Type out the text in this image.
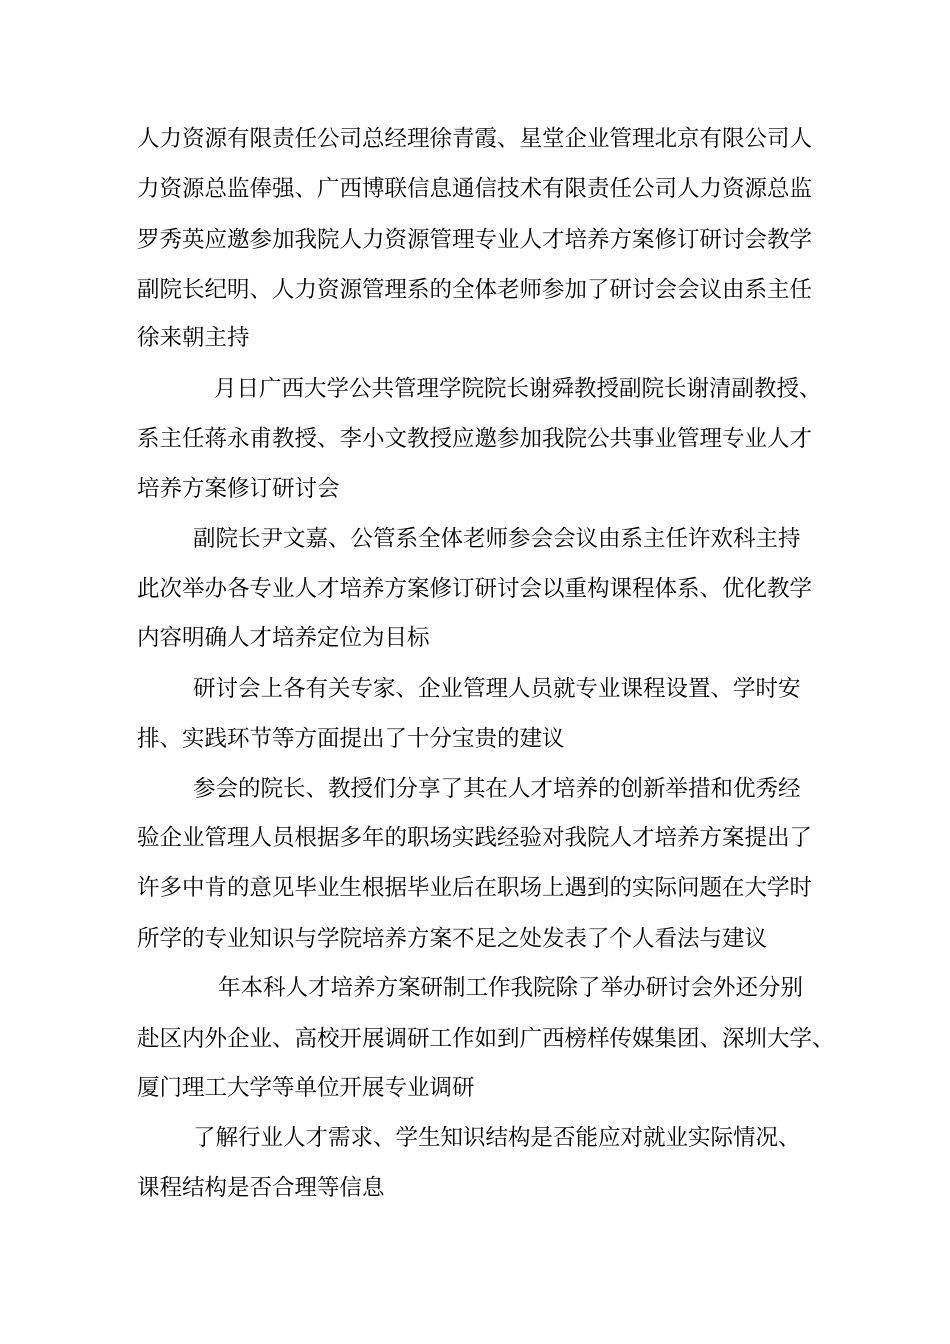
人力资源有限责任公司总经理徐青霞、星堂企业管理北京有限公司人

力资源总监俸强、广西博联信息通信技术有限责任公司人力资源总监

罗秀英应邀参加我院人力资源管理专业人才培养方案修订研讨会教学

副院长纪明、人力资源管理系的全体老师参加了研讨会会议由系主任

徐来朝主持

月日广西大学公共管理学院院长谢舜教授副院长谢清副教授、

系主任蒋永甫教授、李小文教授应邀参加我院公共事业管理专业人才

培养方案修订研讨会

副院长尹文嘉、公管系全体老师参会会议由系主任许欢科主持

此次举办各专业人才培养方案修订研讨会以重构课程体系、优化教学

内容明确人才培养定位为目标

研讨会上各有关专家、企业管理人员就专业课程设置、学时安

排、实践环节等方面提出了十分宝贵的建议

参会的院长、教授们分享了其在人才培养的创新举措和优秀经

验企业管理人员根据多年的职场实践经验对我院人才培养方案提出了

许多中肯的意见毕业生根据毕业后在职场上遇到的实际问题在大学时

所学的专业知识与学院培养方案不足之处发表了个人看法与建议

年本科人才培养方案研制工作我院除了举办研讨会外还分别

赴区内外企业、高校开展调研工作如到广西榜样传媒集团、深圳大学、

厦门理工大学等单位开展专业调研

了解行业人才需求、学生知识结构是否能应对就业实际情况、

课程结构是否合理等信息
